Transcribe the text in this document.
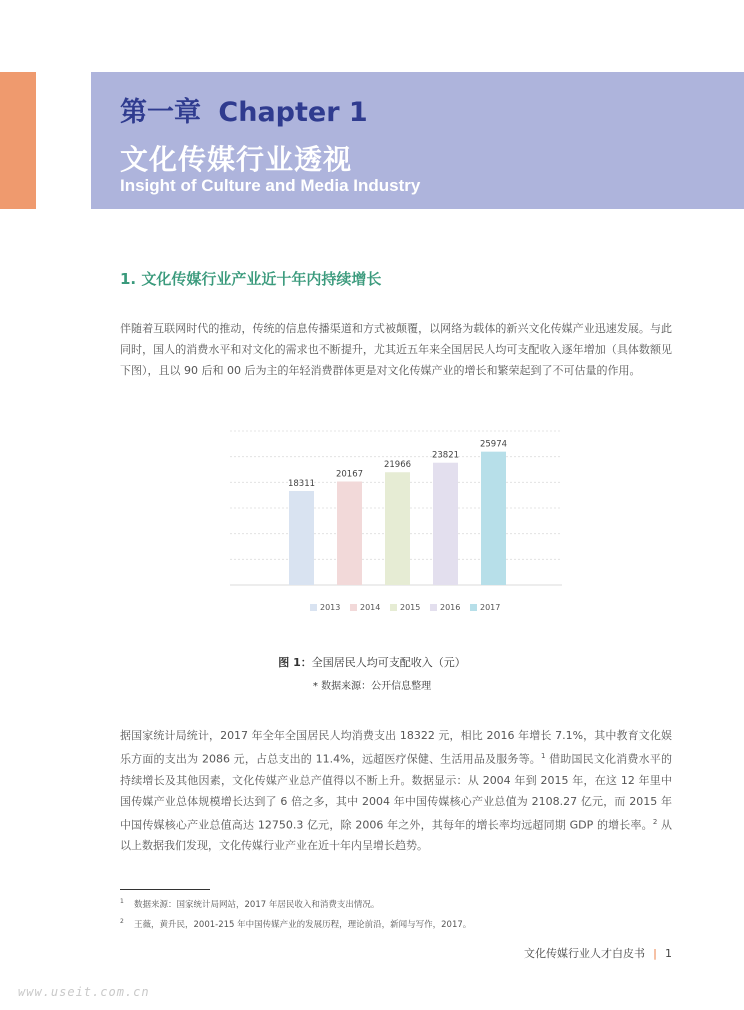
第一章 Chapter 1
文化传媒行业透视
Insight of Culture and Media Industry
1. 文化传媒行业产业近十年内持续增长
伴随着互联网时代的推动，传统的信息传播渠道和方式被颠覆，以网络为载体的新兴文化传媒产业迅速发展。与此同时，国人的消费水平和对文化的需求也不断提升，尤其近五年来全国居民人均可支配收入逐年增加（具体数额见下图），且以 90 后和 00 后为主的年轻消费群体更是对文化传媒产业的增长和繁荣起到了不可估量的作用。
18311
20167
21966
23821
25974
2013 2014 2015 2016 2017
图 1：全国居民人均可支配收入（元）
* 数据来源：公开信息整理
据国家统计局统计，2017 年全年全国居民人均消费支出 18322 元，相比 2016 年增长 7.1%，其中教育文化娱乐方面的支出为 2086 元，占总支出的 11.4%，远超医疗保健、生活用品及服务等。$^1$ 借助国民文化消费水平的持续增长及其他因素，文化传媒产业总产值得以不断上升。数据显示：从 2004 年到 2015 年，在这 12 年里中国传媒产业总体规模增长达到了 6 倍之多，其中 2004 年中国传媒核心产业总值为 2108.27 亿元，而 2015 年中国传媒核心产业总值高达 12750.3 亿元，除 2006 年之外，其每年的增长率均远超同期 GDP 的增长率。$^2$ 从以上数据我们发现，文化传媒行业产业在近十年内呈增长趋势。
1 数据来源：国家统计局网站，2017 年居民收入和消费支出情况。
2 王薇，黄升民，2001-215 年中国传媒产业的发展历程，理论前沿，新闻与写作，2017。
文化传媒行业人才白皮书 | 1
www.useit.com.cn
